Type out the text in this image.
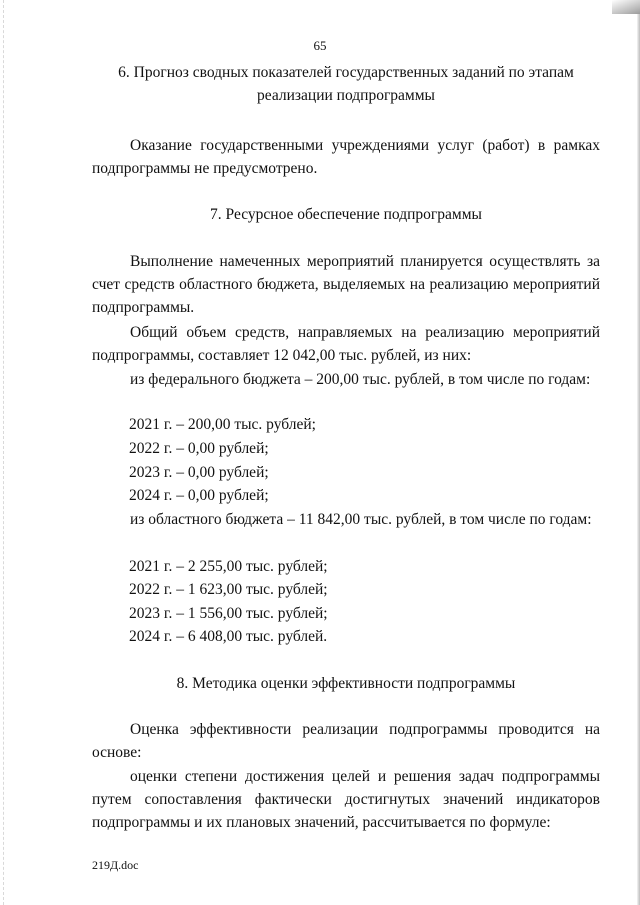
65
6. Прогноз сводных показателей государственных заданий по этапам
реализации подпрограммы
Оказание государственными учреждениями услуг (работ) в рамках подпрограммы не предусмотрено.
7. Ресурсное обеспечение подпрограммы
Выполнение намеченных мероприятий планируется осуществлять за счет средств областного бюджета, выделяемых на реализацию мероприятий подпрограммы.
Общий объем средств, направляемых на реализацию мероприятий подпрограммы, составляет 12 042,00 тыс. рублей, из них:
из федерального бюджета – 200,00 тыс. рублей, в том числе по годам:
2021 г. – 200,00 тыс. рублей;
2022 г. – 0,00 рублей;
2023 г. – 0,00 рублей;
2024 г. – 0,00 рублей;
из областного бюджета – 11 842,00 тыс. рублей, в том числе по годам:
2021 г. – 2 255,00 тыс. рублей;
2022 г. – 1 623,00 тыс. рублей;
2023 г. – 1 556,00 тыс. рублей;
2024 г. – 6 408,00 тыс. рублей.
8. Методика оценки эффективности подпрограммы
Оценка эффективности реализации подпрограммы проводится на основе:
оценки степени достижения целей и решения задач подпрограммы путем сопоставления фактически достигнутых значений индикаторов подпрограммы и их плановых значений, рассчитывается по формуле:
219Д.doc
